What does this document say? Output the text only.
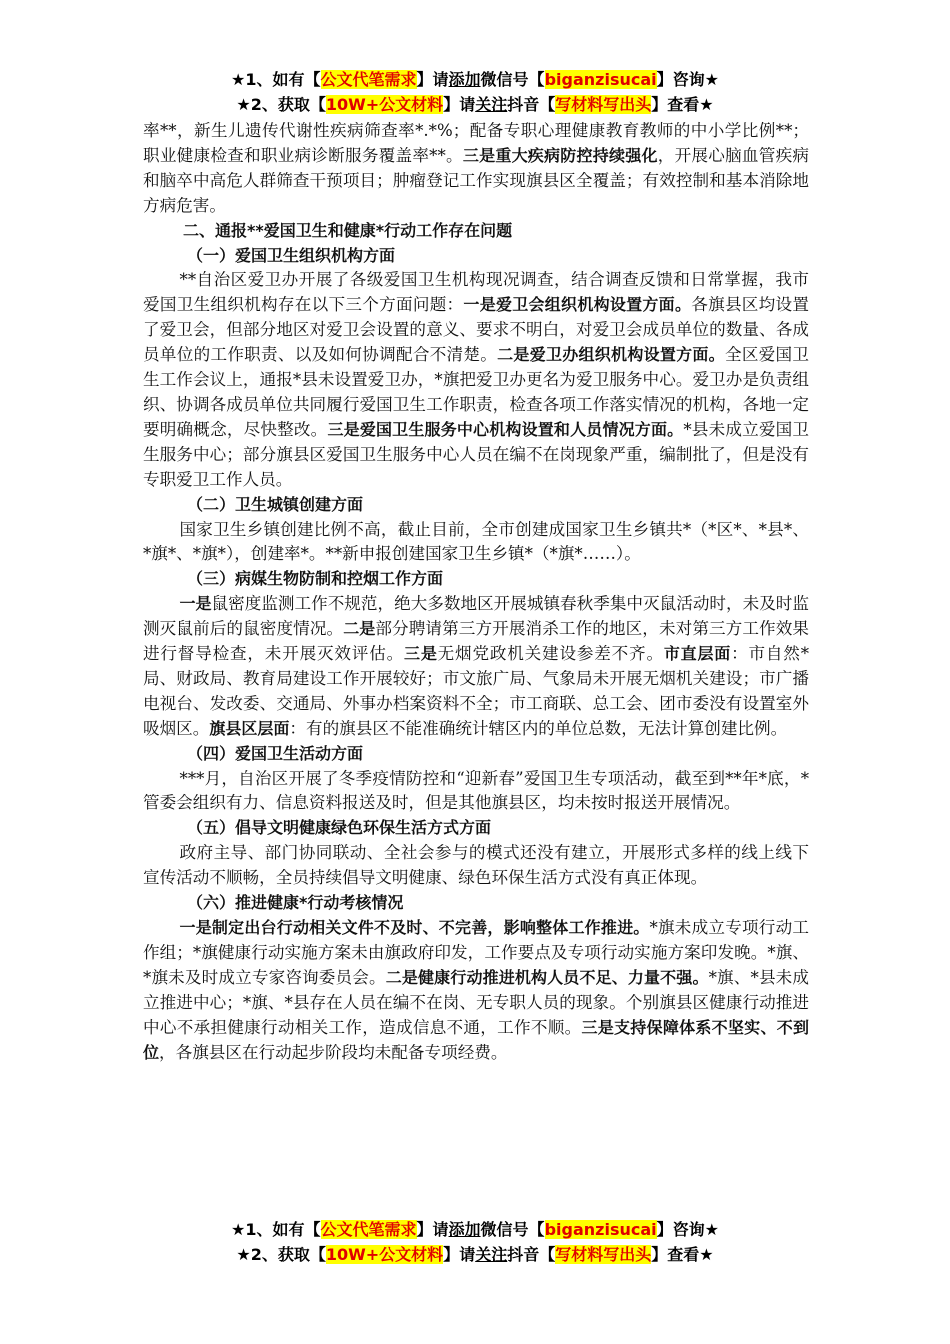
★1、如有【公文代笔需求】请添加微信号【biganzisucai】咨询★
★2、获取【10W+公文材料】请关注抖音【写材料写出头】查看★

率**，新生儿遗传代谢性疾病筛查率*.*%；配备专职心理健康教育教师的中小学比例**；职业健康检查和职业病诊断服务覆盖率**。三是重大疾病防控持续强化，开展心脑血管疾病和脑卒中高危人群筛查干预项目；肿瘤登记工作实现旗县区全覆盖；有效控制和基本消除地方病危害。

二、通报**爱国卫生和健康*行动工作存在问题

（一）爱国卫生组织机构方面

**自治区爱卫办开展了各级爱国卫生机构现况调查，结合调查反馈和日常掌握，我市爱国卫生组织机构存在以下三个方面问题：一是爱卫会组织机构设置方面。各旗县区均设置了爱卫会，但部分地区对爱卫会设置的意义、要求不明白，对爱卫会成员单位的数量、各成员单位的工作职责、以及如何协调配合不清楚。二是爱卫办组织机构设置方面。全区爱国卫生工作会议上，通报*县未设置爱卫办，*旗把爱卫办更名为爱卫服务中心。爱卫办是负责组织、协调各成员单位共同履行爱国卫生工作职责，检查各项工作落实情况的机构，各地一定要明确概念，尽快整改。三是爱国卫生服务中心机构设置和人员情况方面。*县未成立爱国卫生服务中心；部分旗县区爱国卫生服务中心人员在编不在岗现象严重，编制批了，但是没有专职爱卫工作人员。

（二）卫生城镇创建方面

国家卫生乡镇创建比例不高，截止目前，全市创建成国家卫生乡镇共*（*区*、*县*、*旗*、*旗*），创建率*。**新申报创建国家卫生乡镇*（*旗*……）。

（三）病媒生物防制和控烟工作方面

一是鼠密度监测工作不规范，绝大多数地区开展城镇春秋季集中灭鼠活动时，未及时监测灭鼠前后的鼠密度情况。二是部分聘请第三方开展消杀工作的地区，未对第三方工作效果进行督导检查，未开展灭效评估。三是无烟党政机关建设参差不齐。市直层面：市自然*局、财政局、教育局建设工作开展较好；市文旅广局、气象局未开展无烟机关建设；市广播电视台、发改委、交通局、外事办档案资料不全；市工商联、总工会、团市委没有设置室外吸烟区。旗县区层面：有的旗县区不能准确统计辖区内的单位总数，无法计算创建比例。

（四）爱国卫生活动方面

***月，自治区开展了冬季疫情防控和“迎新春”爱国卫生专项活动，截至到**年*底，*管委会组织有力、信息资料报送及时，但是其他旗县区，均未按时报送开展情况。

（五）倡导文明健康绿色环保生活方式方面

政府主导、部门协同联动、全社会参与的模式还没有建立，开展形式多样的线上线下宣传活动不顺畅，全员持续倡导文明健康、绿色环保生活方式没有真正体现。

（六）推进健康*行动考核情况

一是制定出台行动相关文件不及时、不完善，影响整体工作推进。*旗未成立专项行动工作组；*旗健康行动实施方案未由旗政府印发，工作要点及专项行动实施方案印发晚。*旗、*旗未及时成立专家咨询委员会。二是健康行动推进机构人员不足、力量不强。*旗、*县未成立推进中心；*旗、*县存在人员在编不在岗、无专职人员的现象。个别旗县区健康行动推进中心不承担健康行动相关工作，造成信息不通，工作不顺。三是支持保障体系不坚实、不到位，各旗县区在行动起步阶段均未配备专项经费。

★1、如有【公文代笔需求】请添加微信号【biganzisucai】咨询★
★2、获取【10W+公文材料】请关注抖音【写材料写出头】查看★
